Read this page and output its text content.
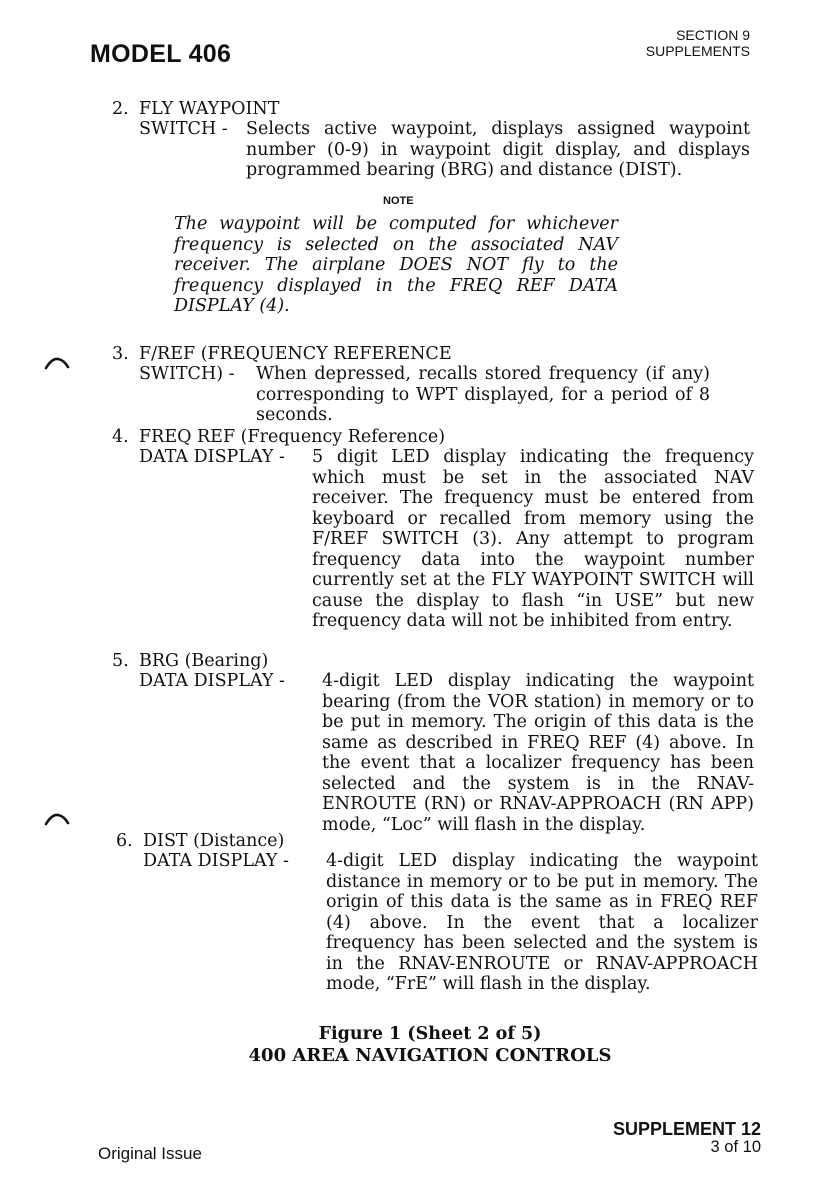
MODEL 406
SECTION 9
SUPPLEMENTS
2. FLY WAYPOINT
SWITCH - Selects active waypoint, displays assigned waypoint number (0-9) in waypoint digit display, and displays programmed bearing (BRG) and distance (DIST).
NOTE
The waypoint will be computed for whichever frequency is selected on the associated NAV receiver. The airplane DOES NOT fly to the frequency displayed in the FREQ REF DATA DISPLAY (4).
3. F/REF (FREQUENCY REFERENCE
SWITCH) - When depressed, recalls stored frequency (if any) corresponding to WPT displayed, for a period of 8 seconds.
4. FREQ REF (Frequency Reference)
DATA DISPLAY - 5 digit LED display indicating the frequency which must be set in the associated NAV receiver. The frequency must be entered from keyboard or recalled from memory using the F/REF SWITCH (3). Any attempt to program frequency data into the waypoint number currently set at the FLY WAYPOINT SWITCH will cause the display to flash “in USE” but new frequency data will not be inhibited from entry.
5. BRG (Bearing)
DATA DISPLAY - 4-digit LED display indicating the waypoint bearing (from the VOR station) in memory or to be put in memory. The origin of this data is the same as described in FREQ REF (4) above. In the event that a localizer frequency has been selected and the system is in the RNAV-ENROUTE (RN) or RNAV-APPROACH (RN APP) mode, “Loc” will flash in the display.
6. DIST (Distance)
DATA DISPLAY - 4-digit LED display indicating the waypoint distance in memory or to be put in memory. The origin of this data is the same as in FREQ REF (4) above. In the event that a localizer frequency has been selected and the system is in the RNAV-ENROUTE or RNAV-APPROACH mode, “FrE” will flash in the display.
Figure 1 (Sheet 2 of 5)
400 AREA NAVIGATION CONTROLS
SUPPLEMENT 12
3 of 10
Original Issue
